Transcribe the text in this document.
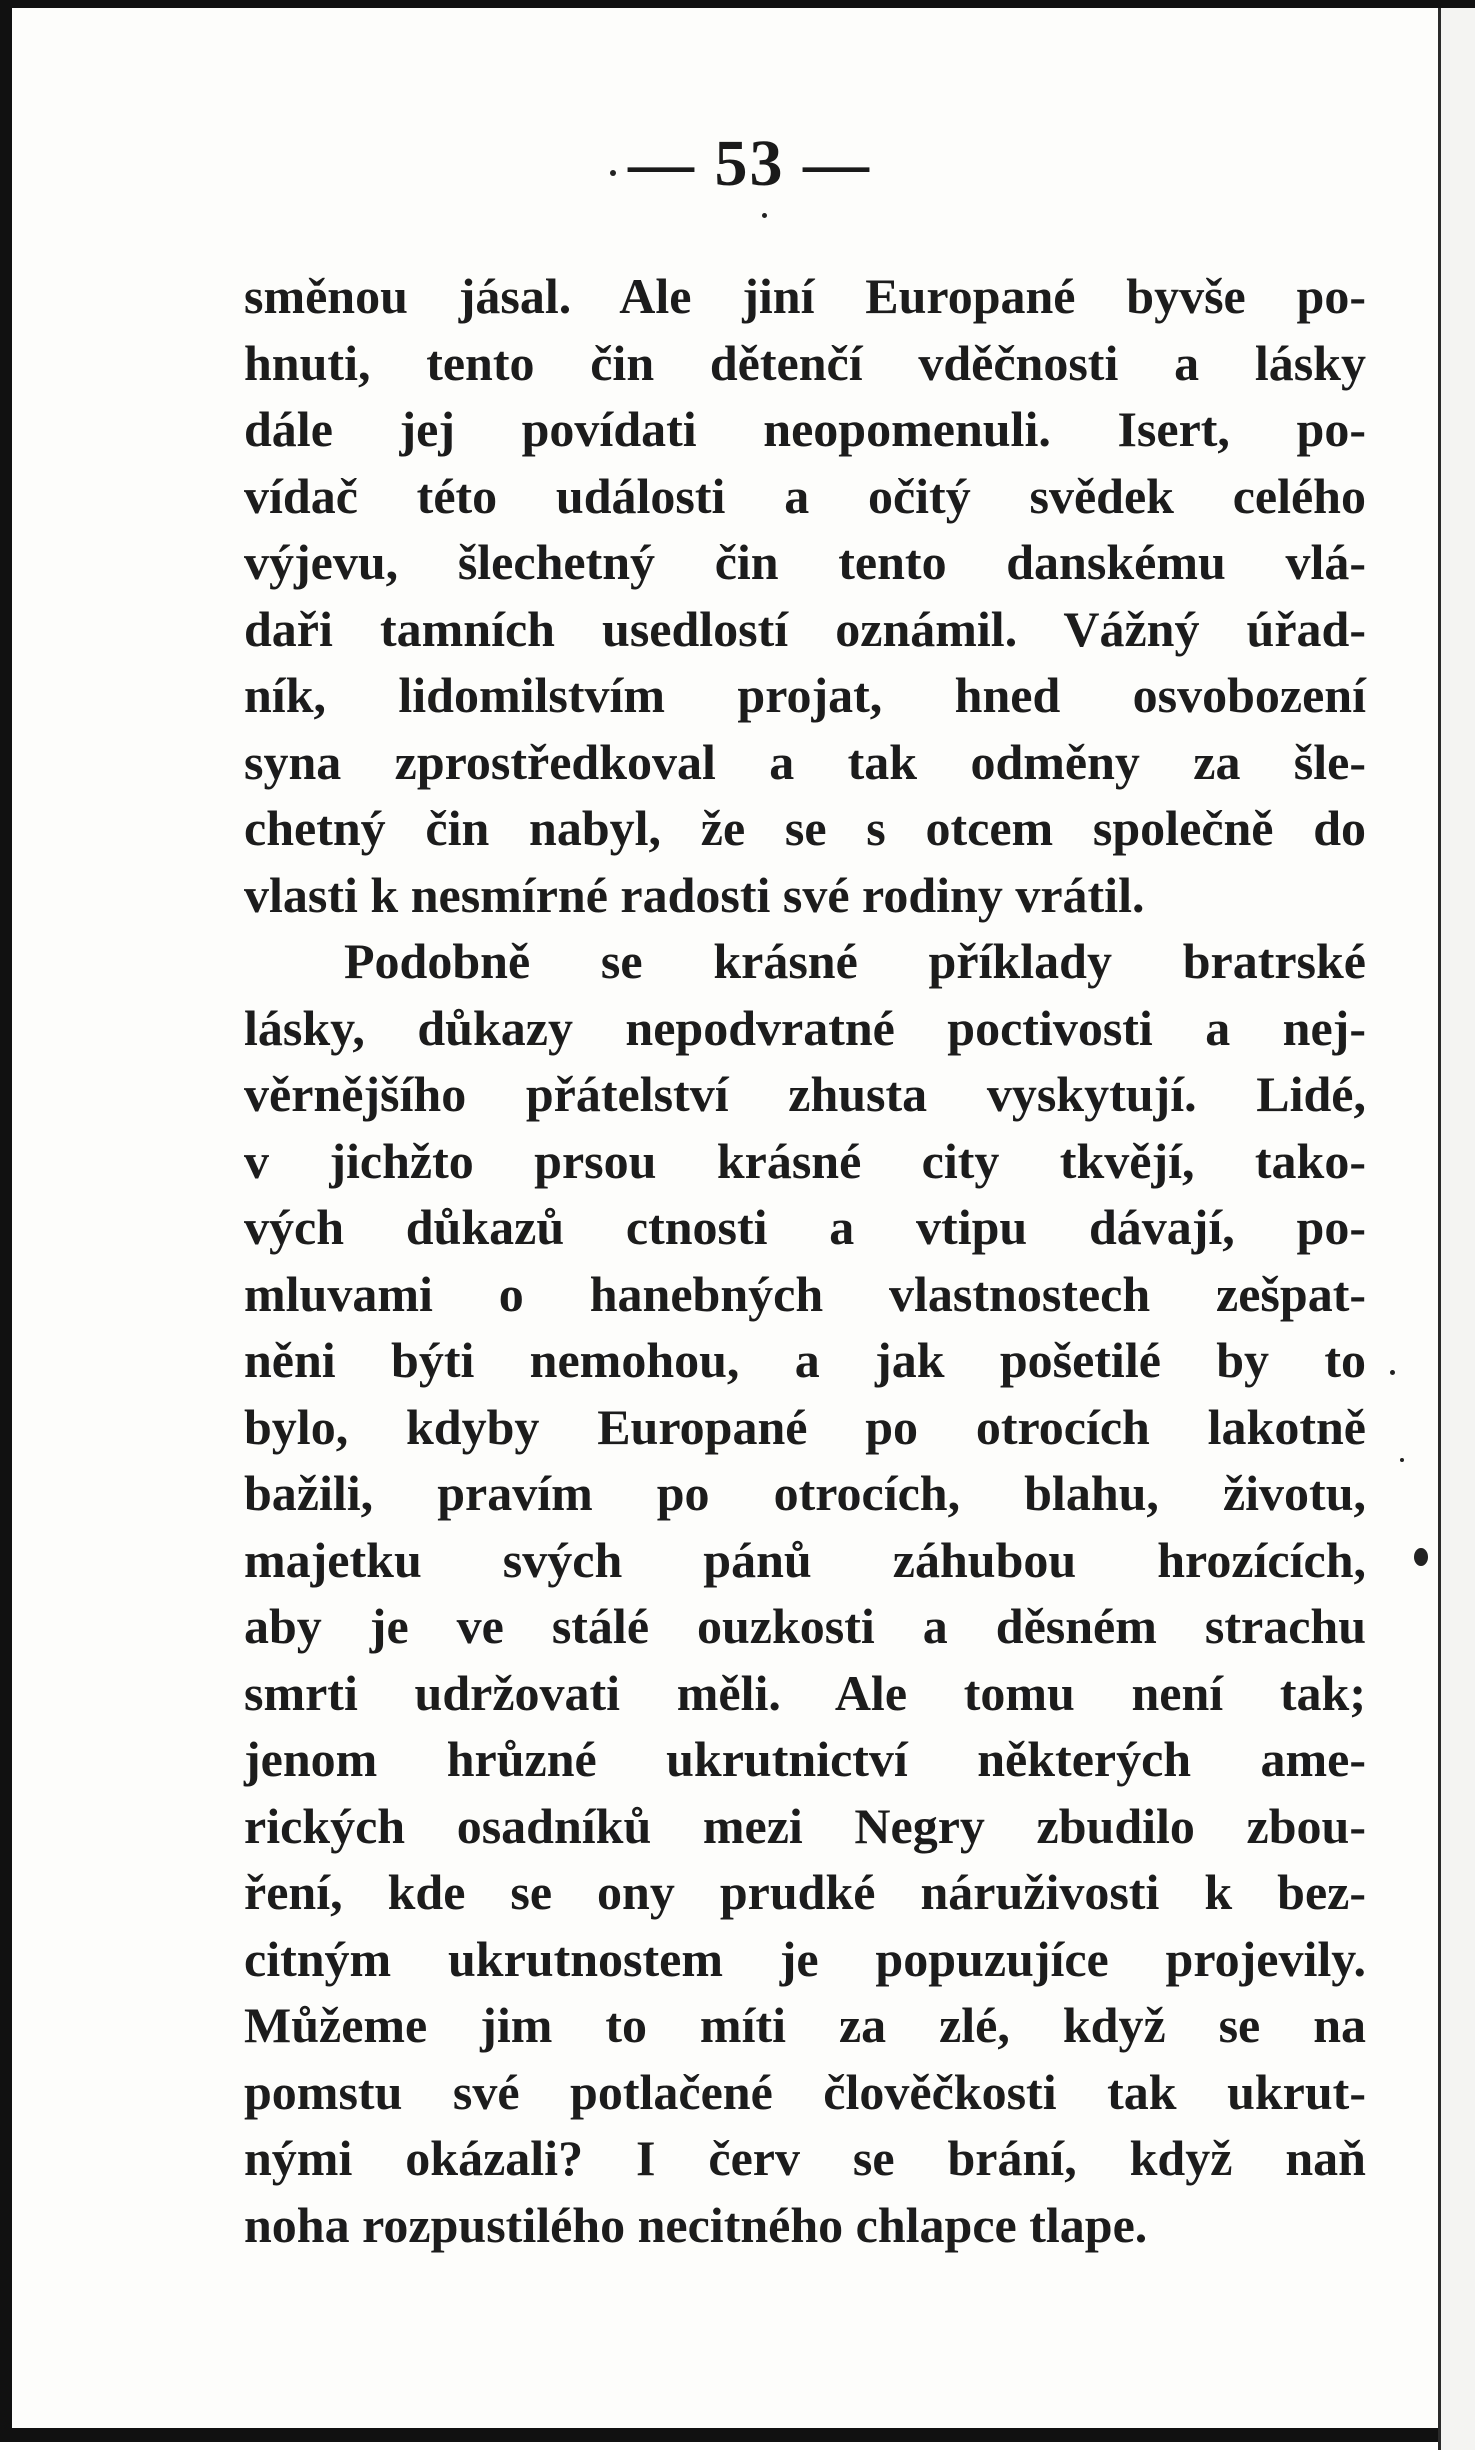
— 53 —
směnou jásal. Ale jiní Europané byvše po-
hnuti, tento čin dětenčí vděčnosti a lásky
dále jej povídati neopomenuli. Isert, po-
vídač této události a očitý svědek celého
výjevu, šlechetný čin tento danskému vlá-
daři tamních usedlostí oznámil. Vážný úřad-
ník, lidomilstvím projat, hned osvobození
syna zprostředkoval a tak odměny za šle-
chetný čin nabyl, že se s otcem společně do
vlasti k nesmírné radosti své rodiny vrátil.
Podobně se krásné příklady bratrské
lásky, důkazy nepodvratné poctivosti a nej-
věrnějšího přátelství zhusta vyskytují. Lidé,
v jichžto prsou krásné city tkvějí, tako-
vých důkazů ctnosti a vtipu dávají, po-
mluvami o hanebných vlastnostech zešpat-
něni býti nemohou, a jak pošetilé by to
bylo, kdyby Europané po otrocích lakotně
bažili, pravím po otrocích, blahu, životu,
majetku svých pánů záhubou hrozících,
aby je ve stálé ouzkosti a děsném strachu
smrti udržovati měli. Ale tomu není tak;
jenom hrůzné ukrutnictví některých ame-
rických osadníků mezi Negry zbudilo zbou-
ření, kde se ony prudké náruživosti k bez-
citným ukrutnostem je popuzujíce projevily.
Můžeme jim to míti za zlé, když se na
pomstu své potlačené člověčkosti tak ukrut-
nými okázali? I červ se brání, když naň
noha rozpustilého necitného chlapce tlape.
